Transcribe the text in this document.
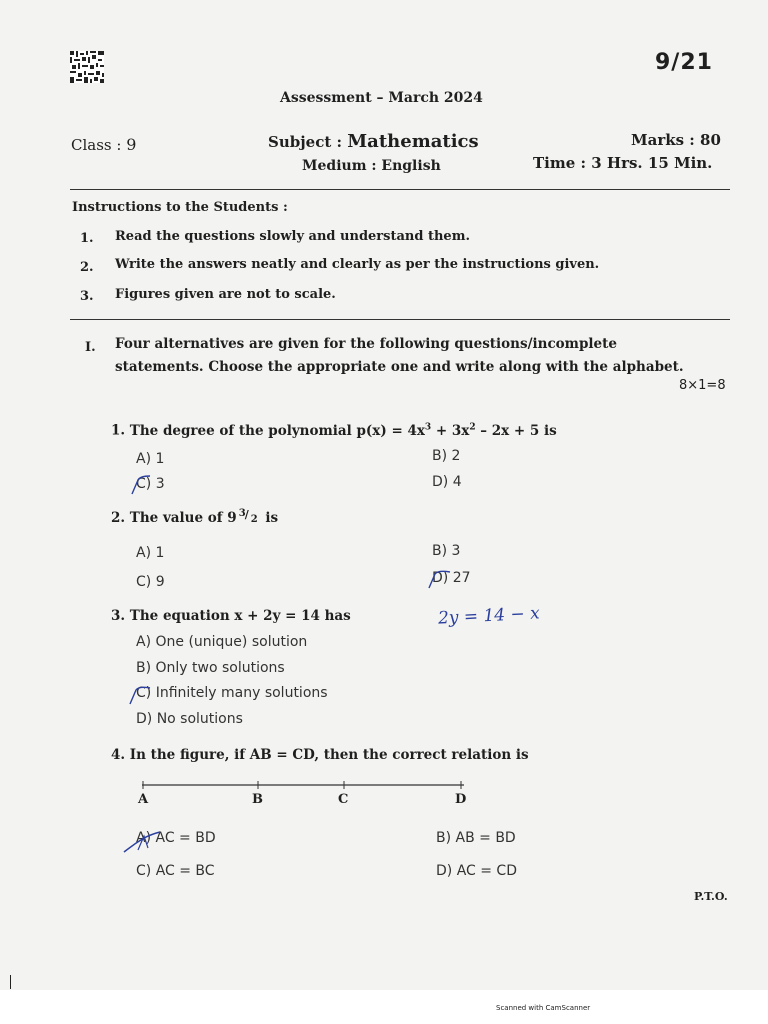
9/21
Assessment – March 2024
Class : 9	Subject : Mathematics	Marks : 80
Medium : English	Time : 3 Hrs. 15 Min.
Instructions to the Students :
1. Read the questions slowly and understand them.
2. Write the answers neatly and clearly as per the instructions given.
3. Figures given are not to scale.
I. Four alternatives are given for the following questions/incomplete statements. Choose the appropriate one and write along with the alphabet.
8×1=8
1. The degree of the polynomial $p(x) = 4x^3 + 3x^2 - 2x + 5$ is
A) 1	B) 2
C) 3	D) 4
2. The value of 9 3 / 2 is
A) 1	B) 3
C) 9	D) 27
3. The equation x + 2y = 14 has	2y = 14 − x
A) One (unique) solution
B) Only two solutions
C) Infinitely many solutions
D) No solutions
4. In the figure, if AB = CD, then the correct relation is
A	B	C	D
A) AC = BD	B) AB = BD
C) AC = BC	D) AC = CD
P.T.O.
Scanned with CamScanner
